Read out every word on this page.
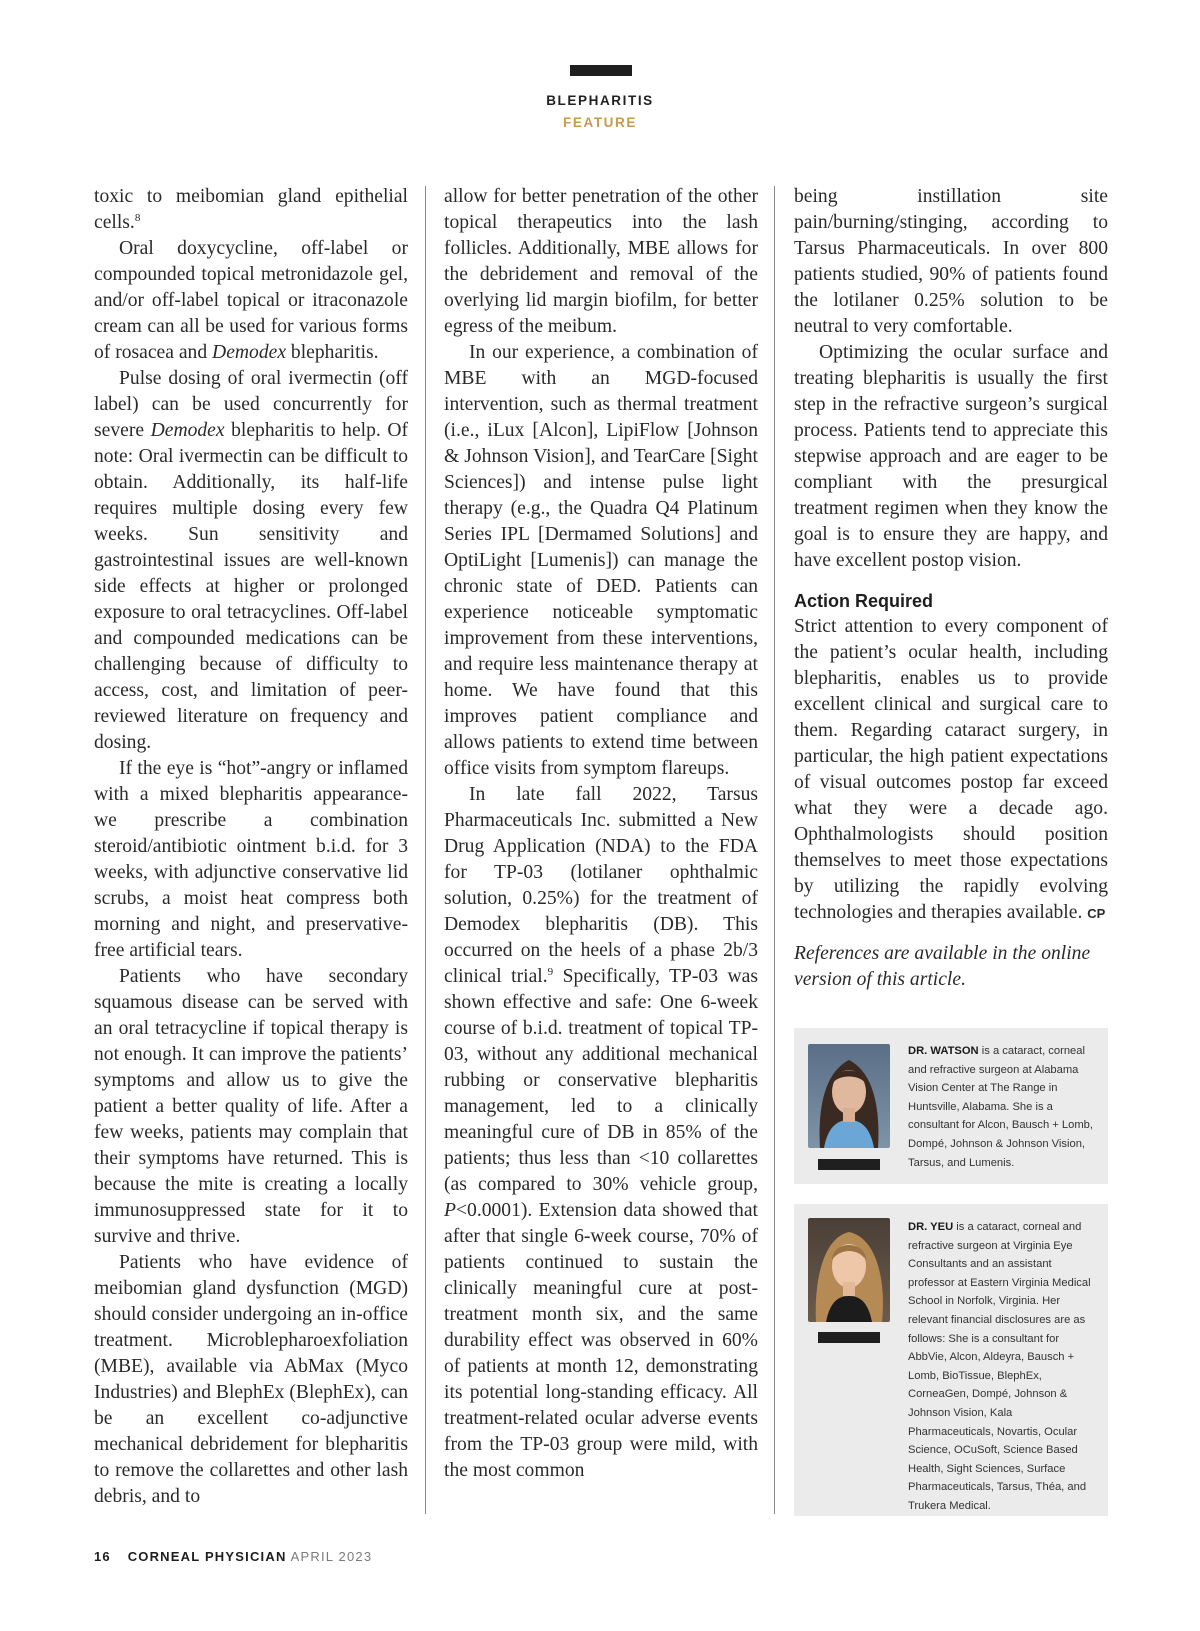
BLEPHARITIS
FEATURE

toxic to meibomian gland epithelial cells.$^8$

Oral doxycycline, off-label or compounded topical metronidazole gel, and/or off-label topical or itraconazole cream can all be used for various forms of rosacea and Demodex blepharitis.

Pulse dosing of oral ivermectin (off label) can be used concurrently for severe Demodex blepharitis to help. Of note: Oral ivermectin can be difficult to obtain. Additionally, its half-life requires multiple dosing every few weeks. Sun sensitivity and gastrointestinal issues are well-known side effects at higher or prolonged exposure to oral tetracyclines. Off-label and compounded medications can be challenging because of difficulty to access, cost, and limitation of peer-reviewed literature on frequency and dosing.

If the eye is “hot”-angry or inflamed with a mixed blepharitis appearance- we prescribe a combination steroid/antibiotic ointment b.i.d. for 3 weeks, with adjunctive conservative lid scrubs, a moist heat compress both morning and night, and preservative-free artificial tears.

Patients who have secondary squamous disease can be served with an oral tetracycline if topical therapy is not enough. It can improve the patients’ symptoms and allow us to give the patient a better quality of life. After a few weeks, patients may complain that their symptoms have returned. This is because the mite is creating a locally immunosuppressed state for it to survive and thrive.

Patients who have evidence of meibomian gland dysfunction (MGD) should consider undergoing an in-office treatment. Microblepharoexfoliation (MBE), available via AbMax (Myco Industries) and BlephEx (BlephEx), can be an excellent co-adjunctive mechanical debridement for blepharitis to remove the collarettes and other lash debris, and to

allow for better penetration of the other topical therapeutics into the lash follicles. Additionally, MBE allows for the debridement and removal of the overlying lid margin biofilm, for better egress of the meibum.

In our experience, a combination of MBE with an MGD-focused intervention, such as thermal treatment (i.e., iLux [Alcon], LipiFlow [Johnson & Johnson Vision], and TearCare [Sight Sciences]) and intense pulse light therapy (e.g., the Quadra Q4 Platinum Series IPL [Dermamed Solutions] and OptiLight [Lumenis]) can manage the chronic state of DED. Patients can experience noticeable symptomatic improvement from these interventions, and require less maintenance therapy at home. We have found that this improves patient compliance and allows patients to extend time between office visits from symptom flareups.

In late fall 2022, Tarsus Pharmaceuticals Inc. submitted a New Drug Application (NDA) to the FDA for TP-03 (lotilaner ophthalmic solution, 0.25%) for the treatment of Demodex blepharitis (DB). This occurred on the heels of a phase 2b/3 clinical trial.$^9$ Specifically, TP-03 was shown effective and safe: One 6-week course of b.i.d. treatment of topical TP-03, without any additional mechanical rubbing or conservative blepharitis management, led to a clinically meaningful cure of DB in 85% of the patients; thus less than <10 collarettes (as compared to 30% vehicle group, P<0.0001). Extension data showed that after that single 6-week course, 70% of patients continued to sustain the clinically meaningful cure at post-treatment month six, and the same durability effect was observed in 60% of patients at month 12, demonstrating its potential long-standing efficacy. All treatment-related ocular adverse events from the TP-03 group were mild, with the most common

being instillation site pain/burning/stinging, according to Tarsus Pharmaceuticals. In over 800 patients studied, 90% of patients found the lotilaner 0.25% solution to be neutral to very comfortable.

Optimizing the ocular surface and treating blepharitis is usually the first step in the refractive surgeon’s surgical process. Patients tend to appreciate this stepwise approach and are eager to be compliant with the presurgical treatment regimen when they know the goal is to ensure they are happy, and have excellent postop vision.

Action Required

Strict attention to every component of the patient’s ocular health, including blepharitis, enables us to provide excellent clinical and surgical care to them. Regarding cataract surgery, in particular, the high patient expectations of visual outcomes postop far exceed what they were a decade ago. Ophthalmologists should position themselves to meet those expectations by utilizing the rapidly evolving technologies and therapies available. CP

References are available in the online version of this article.

DR. WATSON is a cataract, corneal and refractive surgeon at Alabama Vision Center at The Range in Huntsville, Alabama. She is a consultant for Alcon, Bausch + Lomb, Dompé, Johnson & Johnson Vision, Tarsus, and Lumenis.

DR. YEU is a cataract, corneal and refractive surgeon at Virginia Eye Consultants and an assistant professor at Eastern Virginia Medical School in Norfolk, Virginia. Her relevant financial disclosures are as follows: She is a consultant for AbbVie, Alcon, Aldeyra, Bausch + Lomb, BioTissue, BlephEx, CorneaGen, Dompé, Johnson & Johnson Vision, Kala Pharmaceuticals, Novartis, Ocular Science, OCuSoft, Science Based Health, Sight Sciences, Surface Pharmaceuticals, Tarsus, Théa, and Trukera Medical.

16 CORNEAL PHYSICIAN APRIL 2023
